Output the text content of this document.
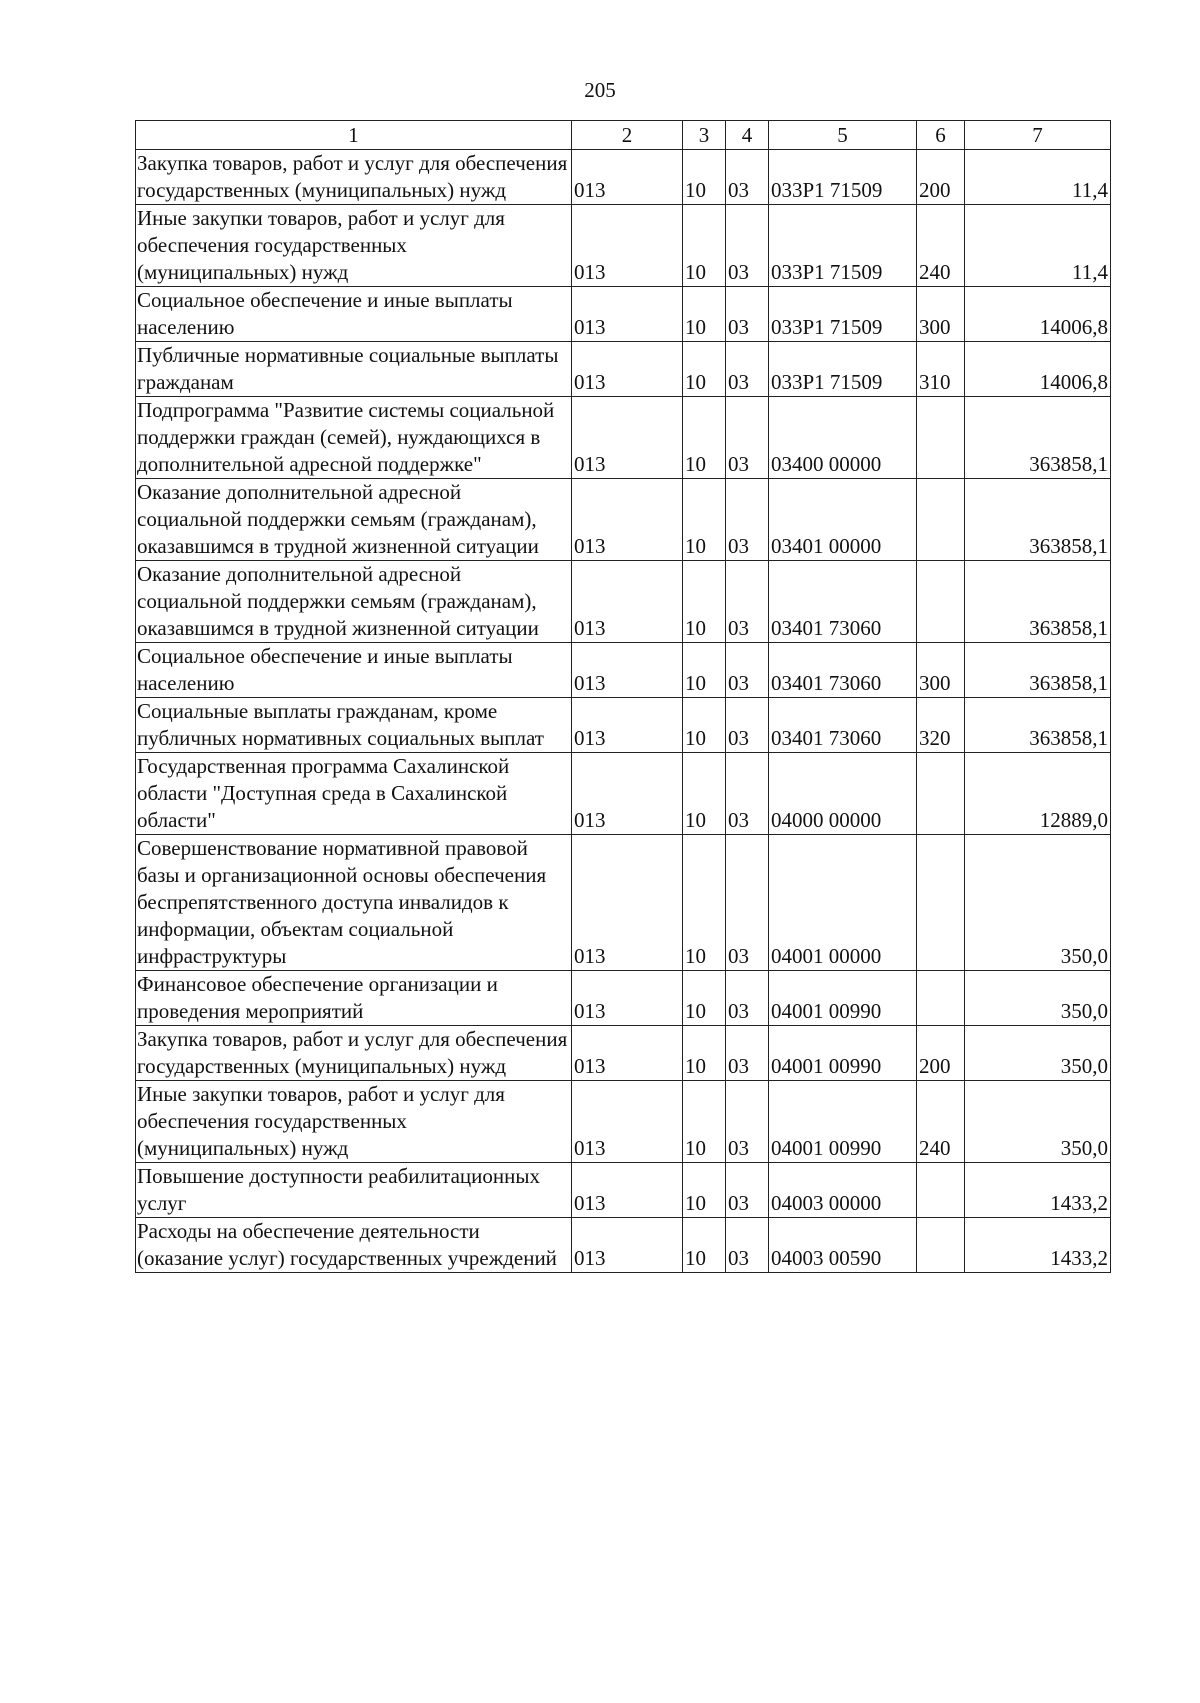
205
1	2	3	4	5	6	7
Закупка товаров, работ и услуг для обеспечения государственных (муниципальных) нужд	013	10	03	033P1 71509	200	11,4
Иные закупки товаров, работ и услуг для обеспечения государственных (муниципальных) нужд	013	10	03	033P1 71509	240	11,4
Социальное обеспечение и иные выплаты населению	013	10	03	033P1 71509	300	14006,8
Публичные нормативные социальные выплаты гражданам	013	10	03	033P1 71509	310	14006,8
Подпрограмма "Развитие системы социальной поддержки граждан (семей), нуждающихся в дополнительной адресной поддержке"	013	10	03	03400 00000		363858,1
Оказание дополнительной адресной социальной поддержки семьям (гражданам), оказавшимся в трудной жизненной ситуации	013	10	03	03401 00000		363858,1
Оказание дополнительной адресной социальной поддержки семьям (гражданам), оказавшимся в трудной жизненной ситуации	013	10	03	03401 73060		363858,1
Социальное обеспечение и иные выплаты населению	013	10	03	03401 73060	300	363858,1
Социальные выплаты гражданам, кроме публичных нормативных социальных выплат	013	10	03	03401 73060	320	363858,1
Государственная программа Сахалинской области "Доступная среда в Сахалинской области"	013	10	03	04000 00000		12889,0
Совершенствование нормативной правовой базы и организационной основы обеспечения беспрепятственного доступа инвалидов к информации, объектам социальной инфраструктуры	013	10	03	04001 00000		350,0
Финансовое обеспечение организации и проведения мероприятий	013	10	03	04001 00990		350,0
Закупка товаров, работ и услуг для обеспечения государственных (муниципальных) нужд	013	10	03	04001 00990	200	350,0
Иные закупки товаров, работ и услуг для обеспечения государственных (муниципальных) нужд	013	10	03	04001 00990	240	350,0
Повышение доступности реабилитационных услуг	013	10	03	04003 00000		1433,2
Расходы на обеспечение деятельности (оказание услуг) государственных учреждений	013	10	03	04003 00590		1433,2
